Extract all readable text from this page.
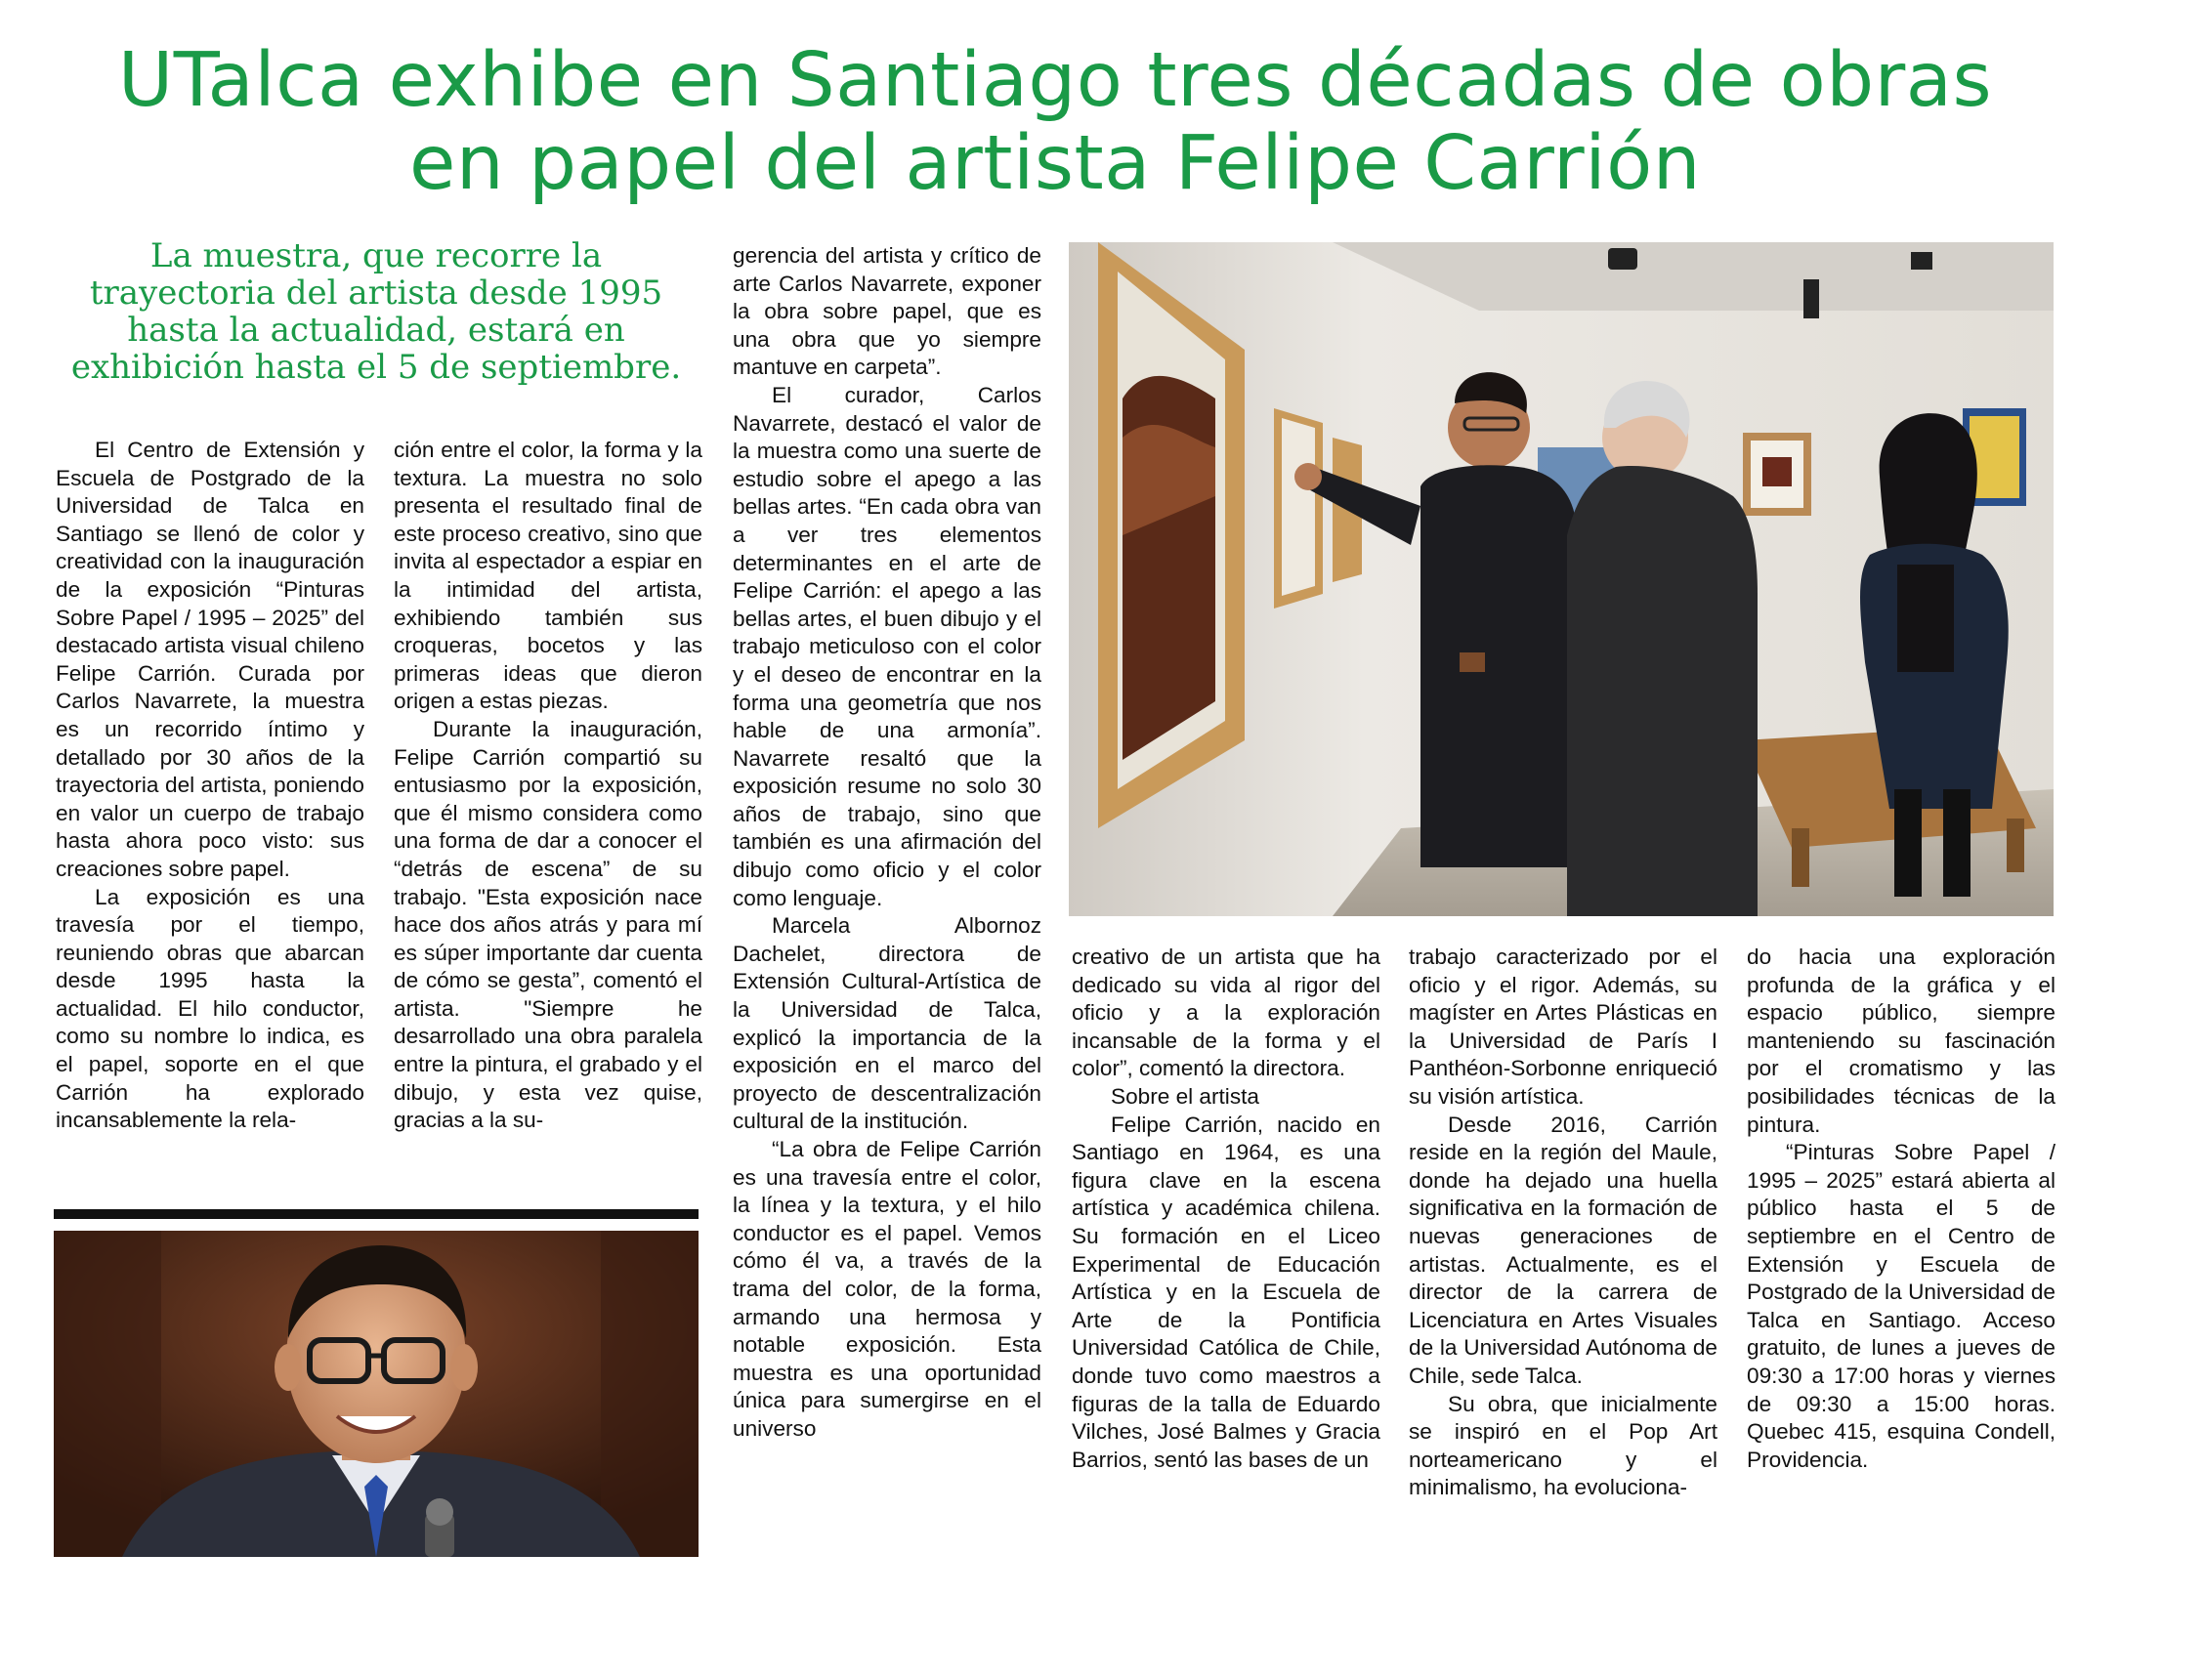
UTalca exhibe en Santiago tres décadas de obras
en papel del artista Felipe Carrión

La muestra, que recorre la trayectoria del artista desde 1995 hasta la actualidad, estará en exhibición hasta el 5 de septiembre.

El Centro de Extensión y Escuela de Postgrado de la Universidad de Talca en Santiago se llenó de color y creatividad con la inauguración de la exposición “Pinturas Sobre Papel / 1995 – 2025” del destacado artista visual chileno Felipe Carrión. Curada por Carlos Navarrete, la muestra es un recorrido íntimo y detallado por 30 años de la trayectoria del artista, poniendo en valor un cuerpo de trabajo hasta ahora poco visto: sus creaciones sobre papel.

La exposición es una travesía por el tiempo, reuniendo obras que abarcan desde 1995 hasta la actualidad. El hilo conductor, como su nombre lo indica, es el papel, soporte en el que Carrión ha explorado incansablemente la rela-

ción entre el color, la forma y la textura. La muestra no solo presenta el resultado final de este proceso creativo, sino que invita al espectador a espiar en la intimidad del artista, exhibiendo también sus croqueras, bocetos y las primeras ideas que dieron origen a estas piezas.

Durante la inauguración, Felipe Carrión compartió su entusiasmo por la exposición, que él mismo considera como una forma de dar a conocer el “detrás de escena” de su trabajo. "Esta exposición nace hace dos años atrás y para mí es súper importante dar cuenta de cómo se gesta”, comentó el artista. "Siempre he desarrollado una obra paralela entre la pintura, el grabado y el dibujo, y esta vez quise, gracias a la su-

gerencia del artista y crítico de arte Carlos Navarrete, exponer la obra sobre papel, que es una obra que yo siempre mantuve en carpeta”.

El curador, Carlos Navarrete, destacó el valor de la muestra como una suerte de estudio sobre el apego a las bellas artes. “En cada obra van a ver tres elementos determinantes en el arte de Felipe Carrión: el apego a las bellas artes, el buen dibujo y el trabajo meticuloso con el color y el deseo de encontrar en la forma una geometría que nos hable de una armonía”. Navarrete resaltó que la exposición resume no solo 30 años de trabajo, sino que también es una afirmación del dibujo como oficio y el color como lenguaje.

Marcela Albornoz Dachelet, directora de Extensión Cultural-Artística de la Universidad de Talca, explicó la importancia de la exposición en el marco del proyecto de descentralización cultural de la institución.

“La obra de Felipe Carrión es una travesía entre el color, la línea y la textura, y el hilo conductor es el papel. Vemos cómo él va, a través de la trama del color, de la forma, armando una hermosa y notable exposición. Esta muestra es una oportunidad única para sumergirse en el universo

creativo de un artista que ha dedicado su vida al rigor del oficio y a la exploración incansable de la forma y el color”, comentó la directora.

Sobre el artista

Felipe Carrión, nacido en Santiago en 1964, es una figura clave en la escena artística y académica chilena. Su formación en el Liceo Experimental de Educación Artística y en la Escuela de Arte de la Pontificia Universidad Católica de Chile, donde tuvo como maestros a figuras de la talla de Eduardo Vilches, José Balmes y Gracia Barrios, sentó las bases de un

trabajo caracterizado por el oficio y el rigor. Además, su magíster en Artes Plásticas en la Universidad de París I Panthéon-Sorbonne enriqueció su visión artística.

Desde 2016, Carrión reside en la región del Maule, donde ha dejado una huella significativa en la formación de nuevas generaciones de artistas. Actualmente, es el director de la carrera de Licenciatura en Artes Visuales de la Universidad Autónoma de Chile, sede Talca.

Su obra, que inicialmente se inspiró en el Pop Art norteamericano y el minimalismo, ha evoluciona-

do hacia una exploración profunda de la gráfica y el espacio público, siempre manteniendo su fascinación por el cromatismo y las posibilidades técnicas de la pintura.

“Pinturas Sobre Papel / 1995 – 2025” estará abierta al público hasta el 5 de septiembre en el Centro de Extensión y Escuela de Postgrado de la Universidad de Talca en Santiago. Acceso gratuito, de lunes a jueves de 09:30 a 17:00 horas y viernes de 09:30 a 15:00 horas. Quebec 415, esquina Condell, Providencia.
